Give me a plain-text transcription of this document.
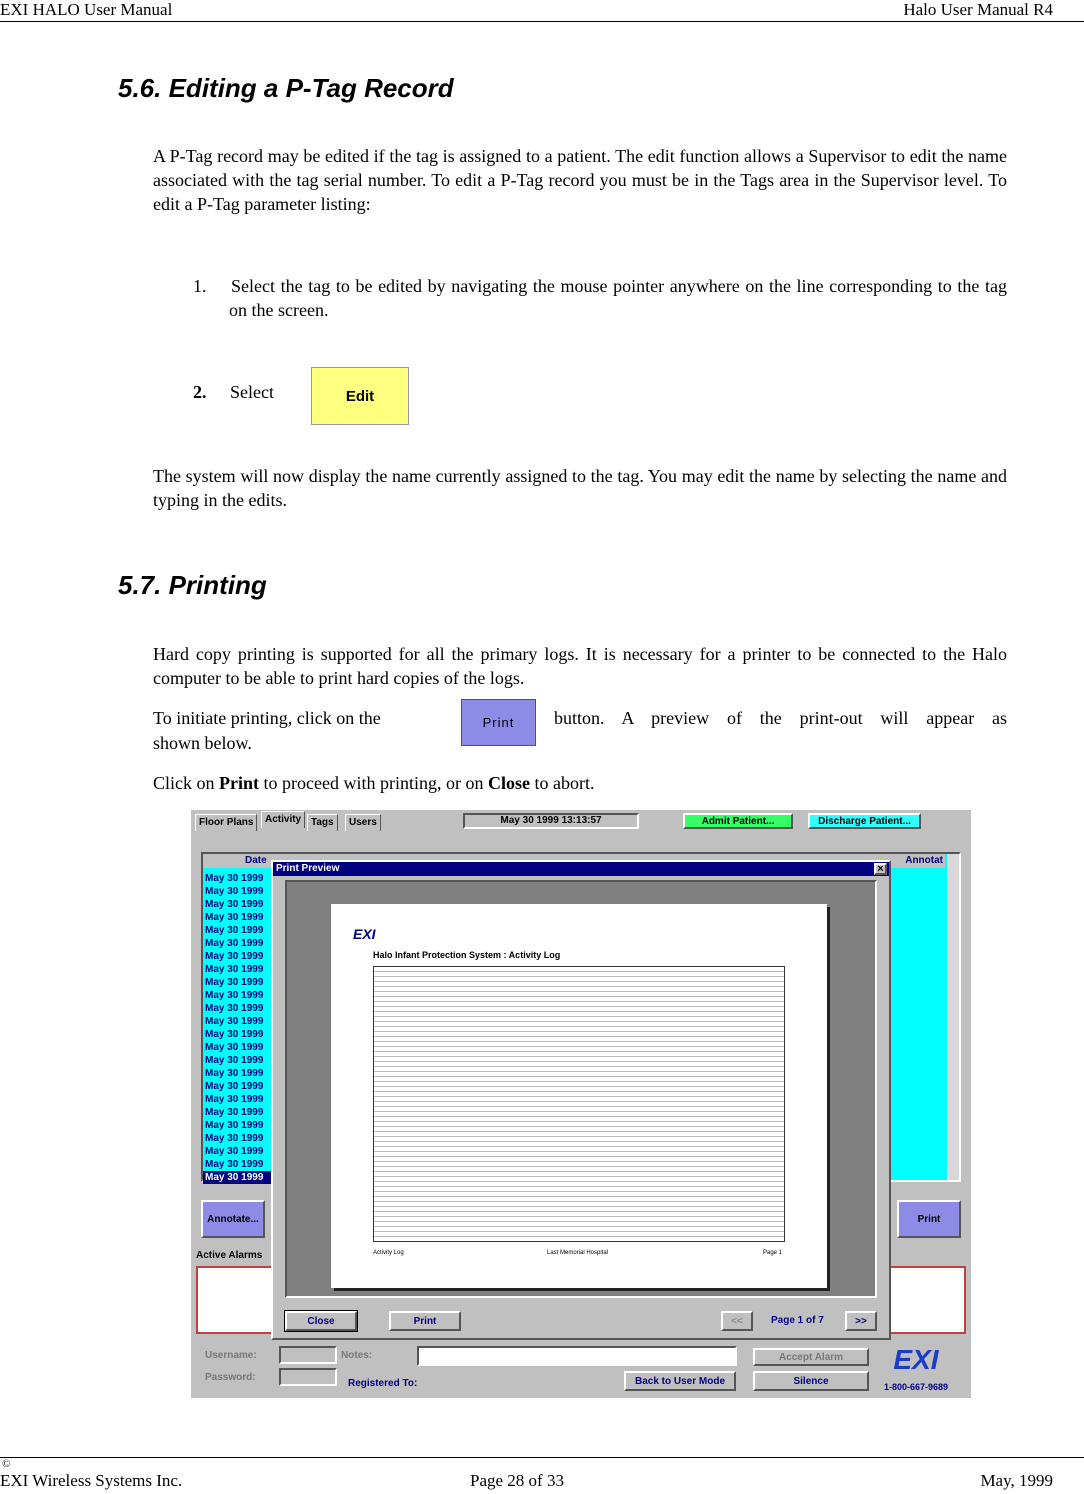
EXI HALO User Manual	Halo User Manual R4
5.6. Editing a P-Tag Record
A P-Tag record may be edited if the tag is assigned to a patient. The edit function allows a Supervisor to edit the name associated with the tag serial number. To edit a P-Tag record you must be in the Tags area in the Supervisor level. To edit a P-Tag parameter listing:
1. Select the tag to be edited by navigating the mouse pointer anywhere on the line corresponding to the tag on the screen.
2. Select	Edit
The system will now display the name currently assigned to the tag. You may edit the name by selecting the name and typing in the edits.
5.7. Printing
Hard copy printing is supported for all the primary logs. It is necessary for a printer to be connected to the Halo computer to be able to print hard copies of the logs.
To initiate printing, click on the	Print	button. A preview of the print-out will appear as
shown below.
Click on Print to proceed with printing, or on Close to abort.
Floor Plans	Activity Tags	Users	May 30 1999 13:13:57	Admit Patient...	Discharge Patient...
Date	Annotat
May 30 1999
May 30 1999
May 30 1999
May 30 1999
May 30 1999
May 30 1999
May 30 1999
May 30 1999
May 30 1999
May 30 1999
May 30 1999
May 30 1999
May 30 1999
May 30 1999
May 30 1999
May 30 1999
May 30 1999
May 30 1999
May 30 1999
May 30 1999
May 30 1999
May 30 1999
May 30 1999
May 30 1999
Annotate...	Print
Active Alarms
Username:
Password:
Notes:
Registered To:
Accept Alarm
Silence
Back to User Mode
EXI
1-800-667-9689
Print Preview	×
EXI
Halo Infant Protection System : Activity Log
Activity Log	Last Memorial Hospital	Page 1
Close	Print	<<	Page 1 of 7	>>
©
EXI Wireless Systems Inc.	Page 28 of 33	May, 1999
